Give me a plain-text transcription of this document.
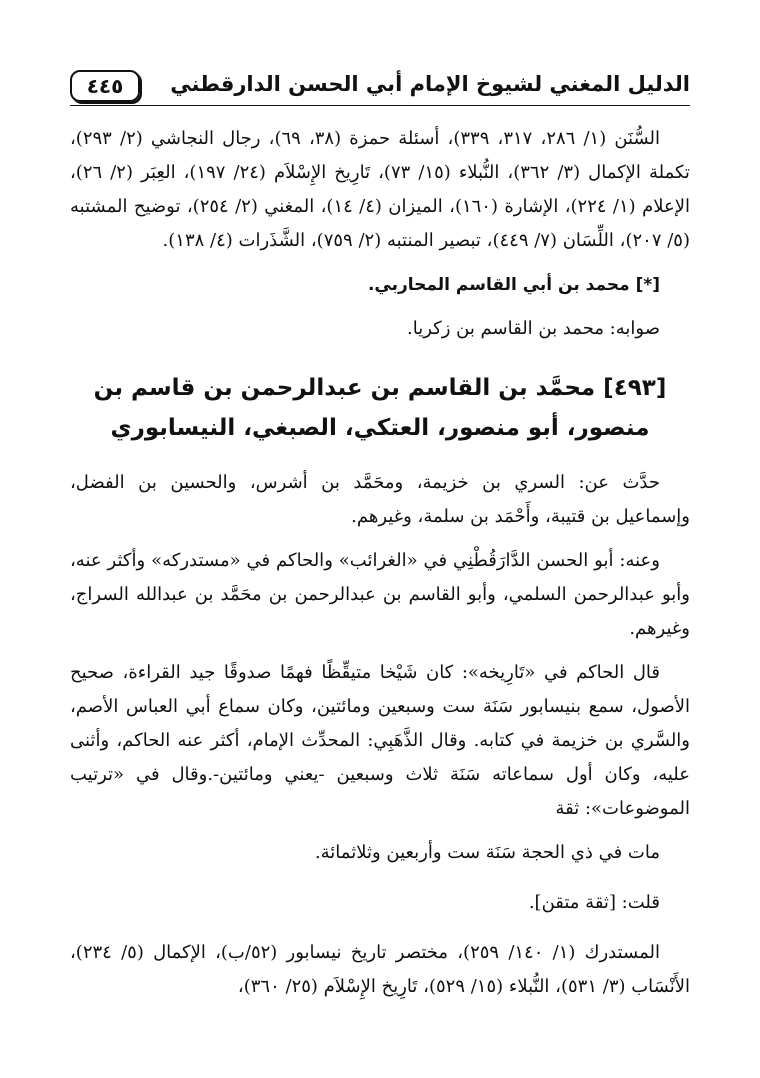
الدليل المغني لشيوخ الإمام أبي الحسن الدارقطني
٤٤٥

السُّنَن (١/ ٢٨٦، ٣١٧، ٣٣٩)، أسئلة حمزة (٣٨، ٦٩)، رجال النجاشي (٢/ ٢٩٣)، تكملة الإكمال (٣/ ٣٦٢)، النُّبلاء (١٥/ ٧٣)، تَارِيخ الإِسْلاَم (٢٤/ ١٩٧)، العِبَر (٢/ ٢٦)، الإعلام (١/ ٢٢٤)، الإشارة (١٦٠)، الميزان (٤/ ١٤)، المغني (٢/ ٢٥٤)، توضيح المشتبه (٥/ ٢٠٧)، اللِّسَان (٧/ ٤٤٩)، تبصير المنتبه (٢/ ٧٥٩)، الشَّذَرات (٤/ ١٣٨).

[*] محمد بن أبي القاسم المحاربي.

صوابه: محمد بن القاسم بن زكريا.

[٤٩٣] محمَّد بن القاسم بن عبدالرحمن بن قاسم بن منصور، أبو منصور، العتكي، الصبغي، النيسابوري

حدَّث عن: السري بن خزيمة، ومحَمَّد بن أشرس، والحسين بن الفضل، وإسماعيل بن قتيبة، وأَحْمَد بن سلمة، وغيرهم.

وعنه: أبو الحسن الدَّارَقُطْنِي في «الغرائب» والحاكم في «مستدركه» وأكثر عنه، وأبو عبدالرحمن السلمي، وأبو القاسم بن عبدالرحمن بن محَمَّد بن عبدالله السراج، وغيرهم.

قال الحاكم في «تَارِيخه»: كان شَيْخا متيقِّظًا فهمًا صدوقًا جيد القراءة، صحيح الأصول، سمع بنيسابور سَنَة ست وسبعين ومائتين، وكان سماع أبي العباس الأصم، والسَّري بن خزيمة في كتابه. وقال الذَّهَبِي: المحدِّث الإمام، أكثر عنه الحاكم، وأثنى عليه، وكان أول سماعاته سَنَة ثلاث وسبعين -يعني ومائتين-.وقال في «ترتيب الموضوعات»: ثقة

مات في ذي الحجة سَنَة ست وأربعين وثلاثمائة.

قلت: [ثقة متقن].

المستدرك (١/ ١٤٠/ ٢٥٩)، مختصر تاريخ نيسابور (٥٢/ب)، الإكمال (٥/ ٢٣٤)، الأَنْسَاب (٣/ ٥٣١)، النُّبلاء (١٥/ ٥٢٩)، تَارِيخ الإِسْلاَم (٢٥/ ٣٦٠)،
